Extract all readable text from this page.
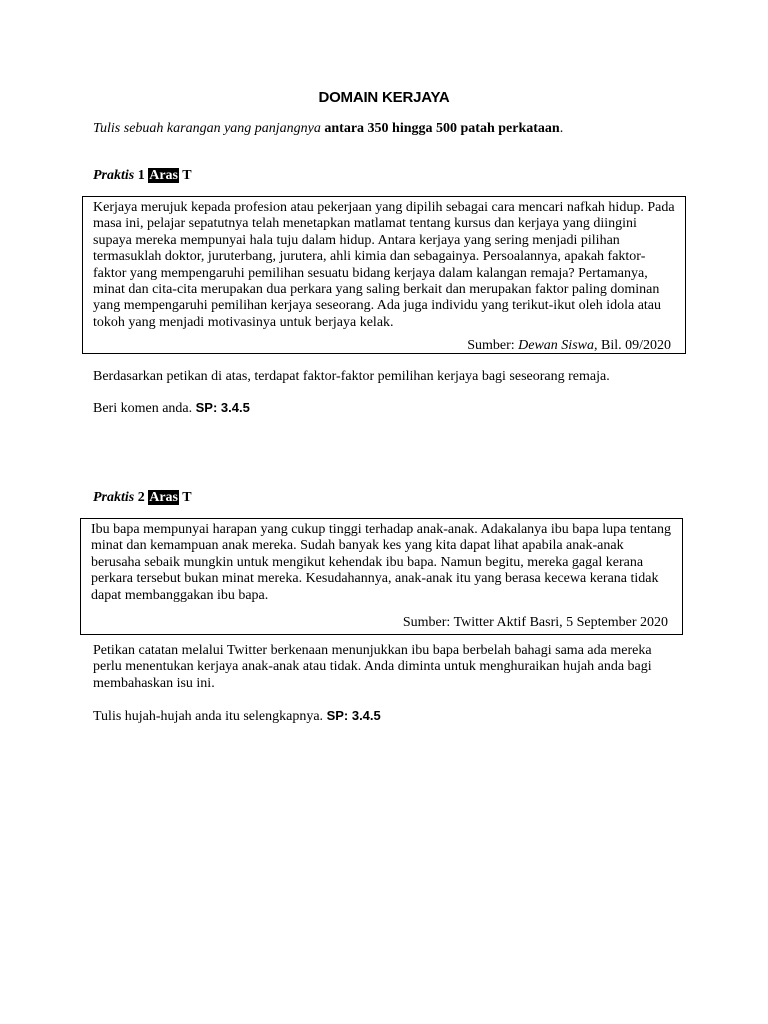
DOMAIN KERJAYA
Tulis sebuah karangan yang panjangnya antara 350 hingga 500 patah perkataan.
Praktis 1 Aras T
Kerjaya merujuk kepada profesion atau pekerjaan yang dipilih sebagai cara mencari nafkah hidup. Pada masa ini, pelajar sepatutnya telah menetapkan matlamat tentang kursus dan kerjaya yang diingini supaya mereka mempunyai hala tuju dalam hidup. Antara kerjaya yang sering menjadi pilihan termasuklah doktor, juruterbang, jurutera, ahli kimia dan sebagainya. Persoalannya, apakah faktor-faktor yang mempengaruhi pemilihan sesuatu bidang kerjaya dalam kalangan remaja? Pertamanya, minat dan cita-cita merupakan dua perkara yang saling berkait dan merupakan faktor paling dominan yang mempengaruhi pemilihan kerjaya seseorang. Ada juga individu yang terikut-ikut oleh idola atau tokoh yang menjadi motivasinya untuk berjaya kelak.
Sumber: Dewan Siswa, Bil. 09/2020
Berdasarkan petikan di atas, terdapat faktor-faktor pemilihan kerjaya bagi seseorang remaja.
Beri komen anda. SP: 3.4.5
Praktis 2 Aras T
Ibu bapa mempunyai harapan yang cukup tinggi terhadap anak-anak. Adakalanya ibu bapa lupa tentang minat dan kemampuan anak mereka. Sudah banyak kes yang kita dapat lihat apabila anak-anak berusaha sebaik mungkin untuk mengikut kehendak ibu bapa. Namun begitu, mereka gagal kerana perkara tersebut bukan minat mereka. Kesudahannya, anak-anak itu yang berasa kecewa kerana tidak dapat membanggakan ibu bapa.
Sumber: Twitter Aktif Basri, 5 September 2020
Petikan catatan melalui Twitter berkenaan menunjukkan ibu bapa berbelah bahagi sama ada mereka perlu menentukan kerjaya anak-anak atau tidak. Anda diminta untuk menghuraikan hujah anda bagi membahaskan isu ini.
Tulis hujah-hujah anda itu selengkapnya. SP: 3.4.5
